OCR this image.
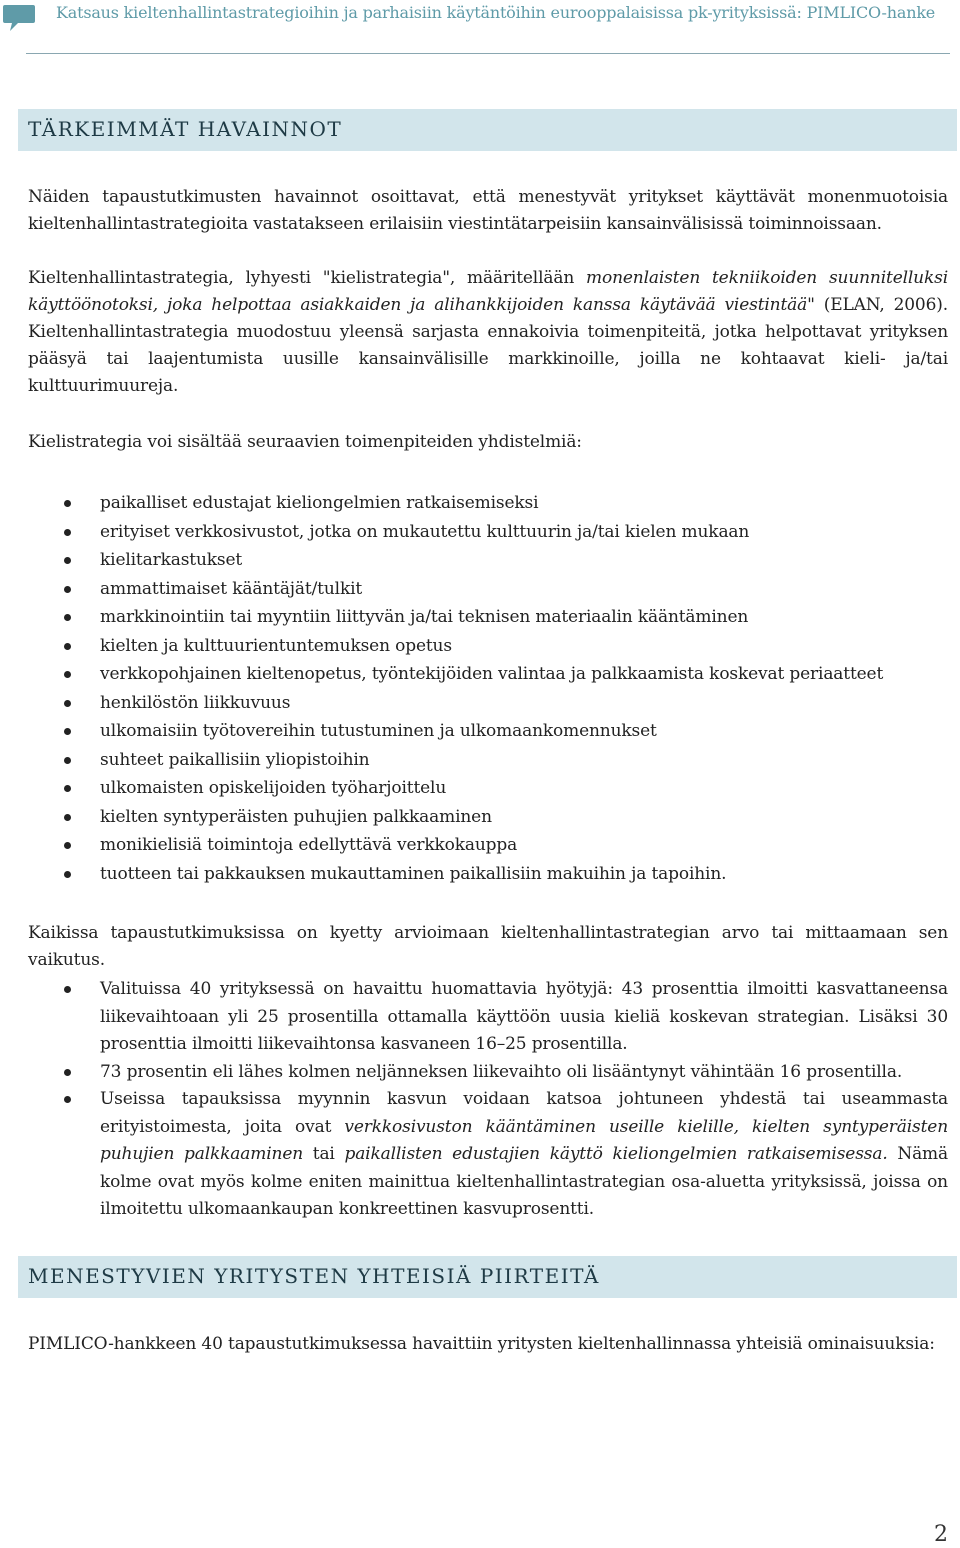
Katsaus kieltenhallintastrategioihin ja parhaisiin käytäntöihin eurooppalaisissa pk-yrityksissä: PIMLICO-hanke
TÄRKEIMMÄT HAVAINNOT

Näiden tapaustutkimusten havainnot osoittavat, että menestyvät yritykset käyttävät monenmuotoisia kieltenhallintastrategioita vastatakseen erilaisiin viestintätarpeisiin kansainvälisissä toiminnoissaan.

Kieltenhallintastrategia, lyhyesti "kielistrategia", määritellään monenlaisten tekniikoiden suunnitelluksi käyttöönotoksi, joka helpottaa asiakkaiden ja alihankkijoiden kanssa käytävää viestintää" (ELAN, 2006). Kieltenhallintastrategia muodostuu yleensä sarjasta ennakoivia toimenpiteitä, jotka helpottavat yrityksen pääsyä tai laajentumista uusille kansainvälisille markkinoille, joilla ne kohtaavat kieli- ja/tai kulttuurimuureja.

Kielistrategia voi sisältää seuraavien toimenpiteiden yhdistelmiä:

paikalliset edustajat kieliongelmien ratkaisemiseksi
erityiset verkkosivustot, jotka on mukautettu kulttuurin ja/tai kielen mukaan
kielitarkastukset
ammattimaiset kääntäjät/tulkit
markkinointiin tai myyntiin liittyvän ja/tai teknisen materiaalin kääntäminen
kielten ja kulttuurientuntemuksen opetus
verkkopohjainen kieltenopetus, työntekijöiden valintaa ja palkkaamista koskevat periaatteet
henkilöstön liikkuvuus
ulkomaisiin työtovereihin tutustuminen ja ulkomaankomennukset
suhteet paikallisiin yliopistoihin
ulkomaisten opiskelijoiden työharjoittelu
kielten syntyperäisten puhujien palkkaaminen
monikielisiä toimintoja edellyttävä verkkokauppa
tuotteen tai pakkauksen mukauttaminen paikallisiin makuihin ja tapoihin.

Kaikissa tapaustutkimuksissa on kyetty arvioimaan kieltenhallintastrategian arvo tai mittaamaan sen vaikutus.

Valituissa 40 yrityksessä on havaittu huomattavia hyötyjä: 43 prosenttia ilmoitti kasvattaneensa liikevaihtoaan yli 25 prosentilla ottamalla käyttöön uusia kieliä koskevan strategian. Lisäksi 30 prosenttia ilmoitti liikevaihtonsa kasvaneen 16–25 prosentilla.
73 prosentin eli lähes kolmen neljänneksen liikevaihto oli lisääntynyt vähintään 16 prosentilla.
Useissa tapauksissa myynnin kasvun voidaan katsoa johtuneen yhdestä tai useammasta erityistoimesta, joita ovat verkkosivuston kääntäminen useille kielille, kielten syntyperäisten puhujien palkkaaminen tai paikallisten edustajien käyttö kieliongelmien ratkaisemisessa. Nämä kolme ovat myös kolme eniten mainittua kieltenhallintastrategian osa-aluetta yrityksissä, joissa on ilmoitettu ulkomaankaupan konkreettinen kasvuprosentti.
MENESTYVIEN YRITYSTEN YHTEISIÄ PIIRTEITÄ

PIMLICO-hankkeen 40 tapaustutkimuksessa havaittiin yritysten kieltenhallinnassa yhteisiä ominaisuuksia:

2
